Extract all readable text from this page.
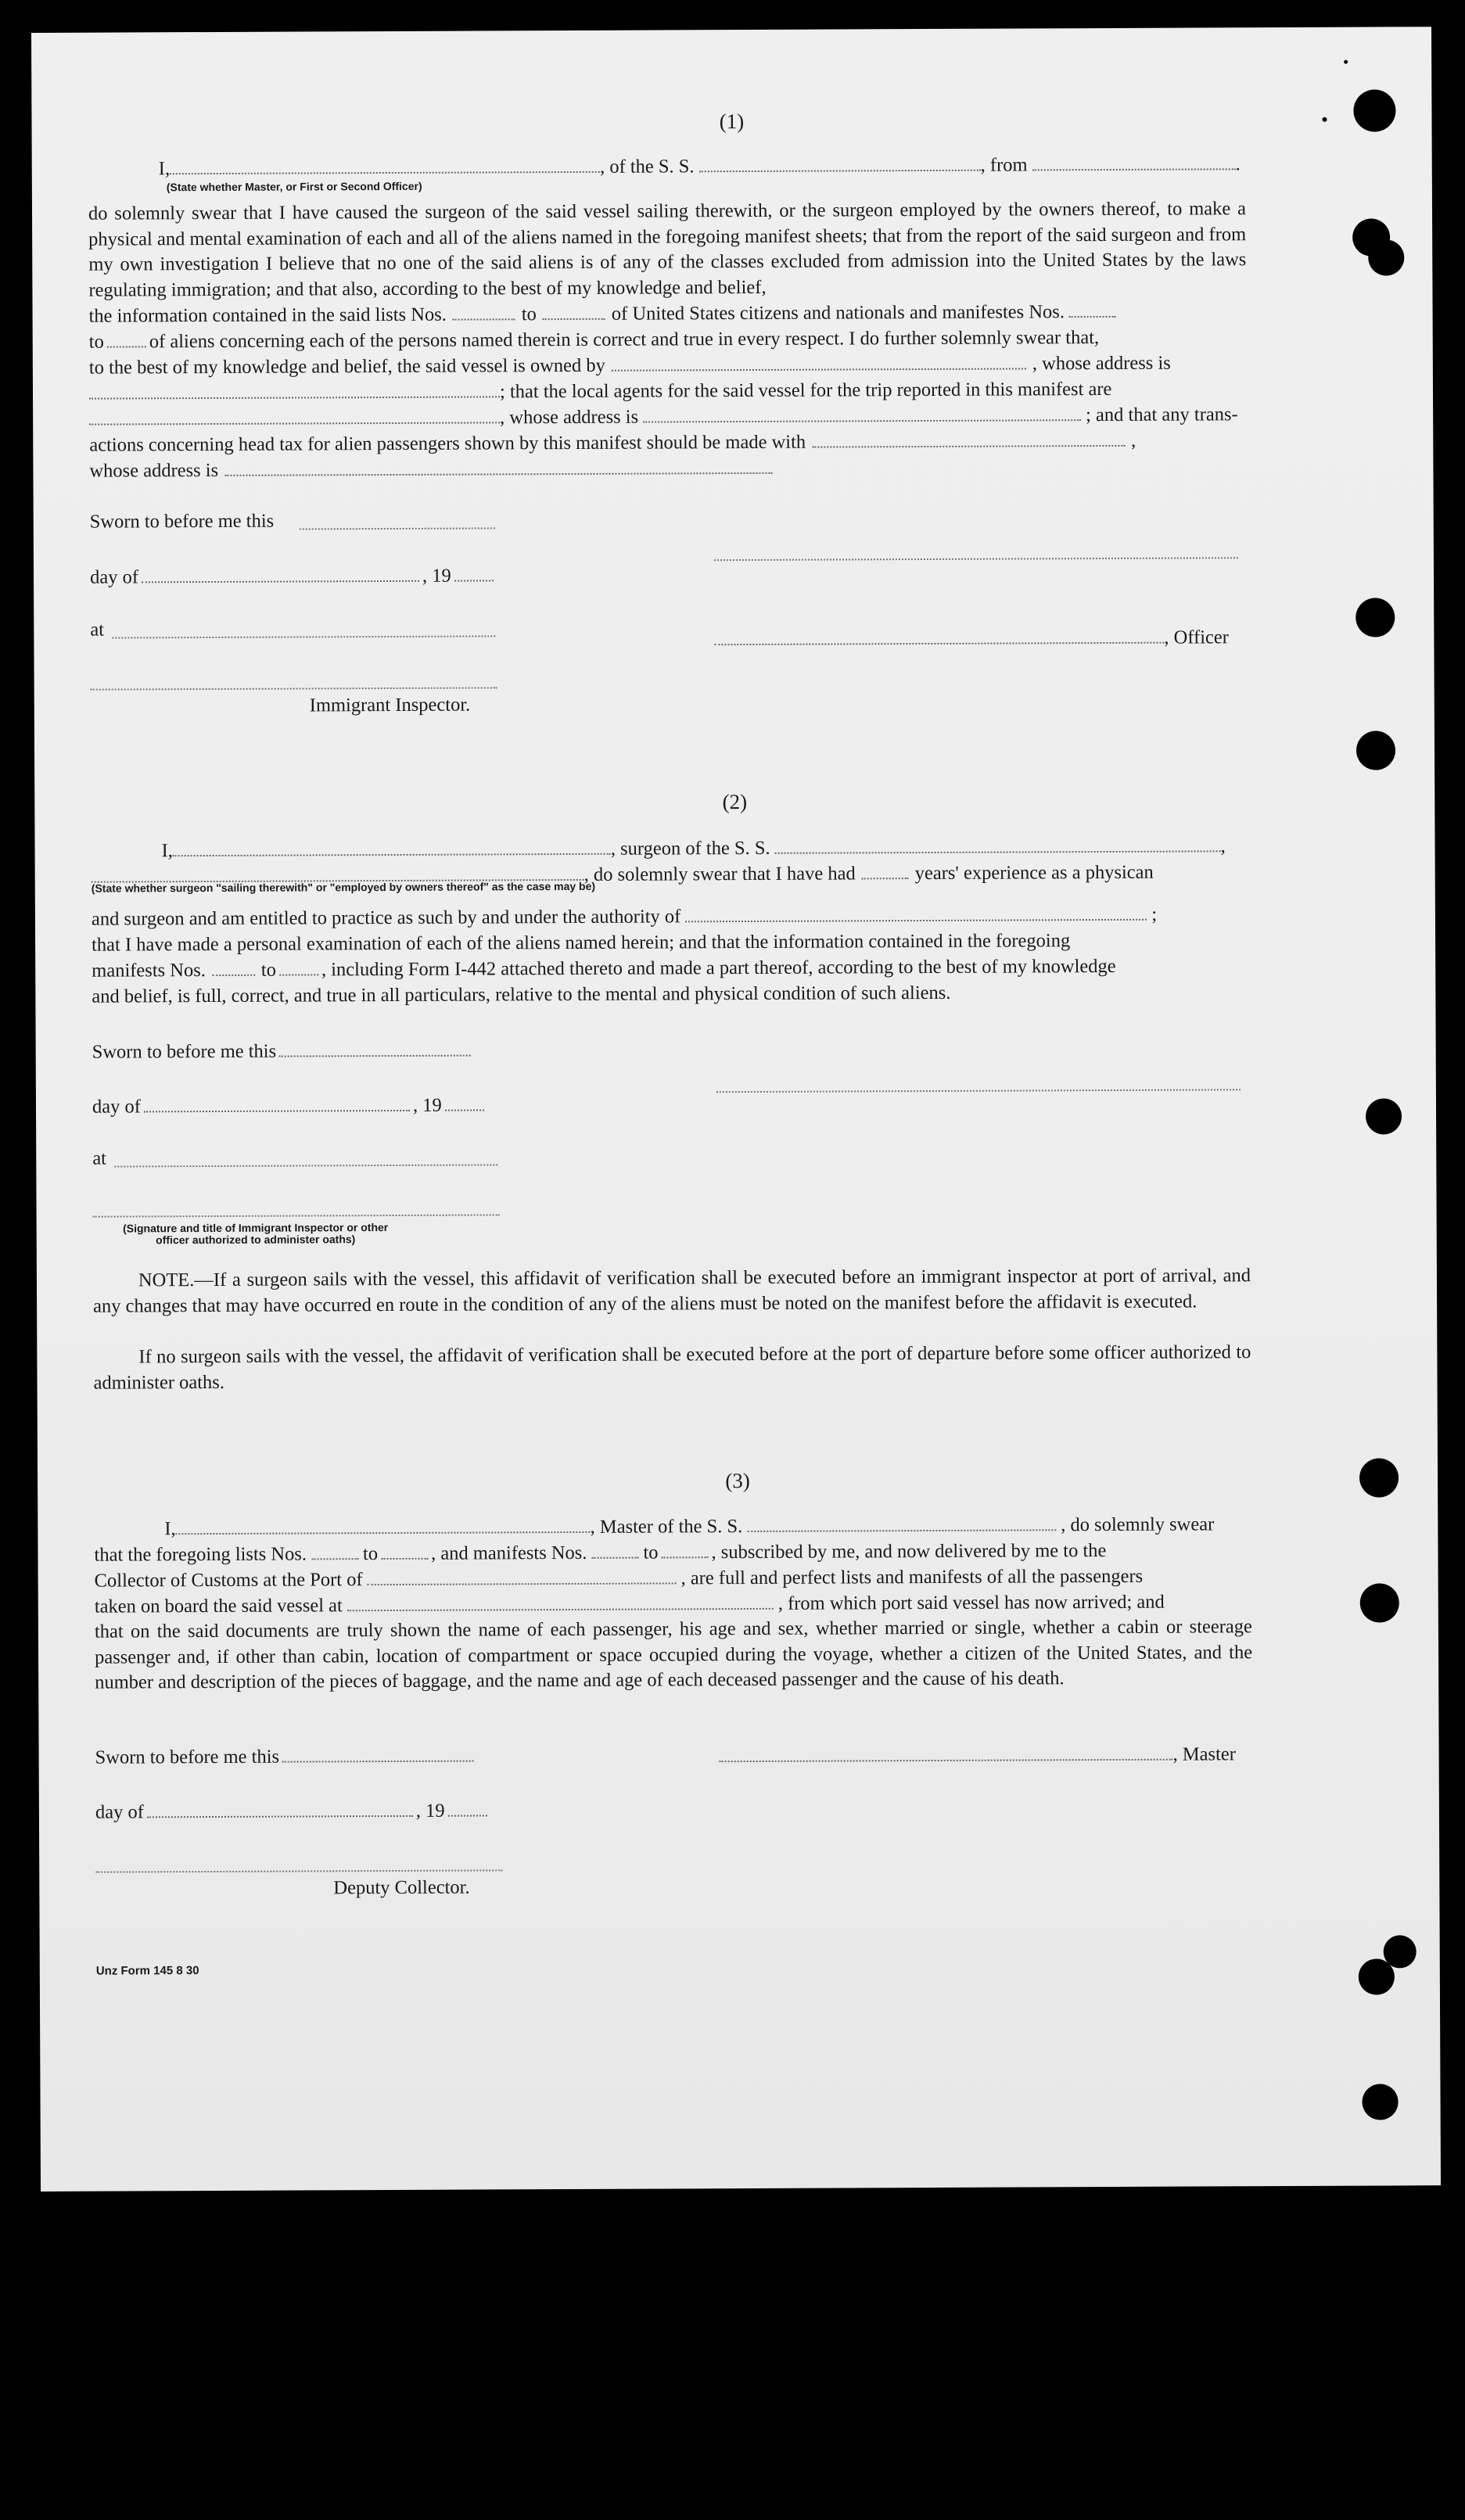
(1)
I,	, of the S. S.	, from	.
(State whether Master, or First or Second Officer)
do solemnly swear that I have caused the surgeon of the said vessel sailing therewith, or the surgeon employed by the owners thereof, to make a physical and mental examination of each and all of the aliens named in the foregoing manifest sheets; that from the report of the said surgeon and from my own investigation I believe that no one of the said aliens is of any of the classes excluded from admission into the United States by the laws regulating immigration; and that also, according to the best of my knowledge and belief,
the information contained in the said lists Nos.	to	of United States citizens and nationals and manifestes Nos.
to of aliens concerning each of the persons named therein is correct and true in every respect. I do further solemnly swear that,
to the best of my knowledge and belief, the said vessel is owned by	, whose address is
; that the local agents for the said vessel for the trip reported in this manifest are
, whose address is	; and that any trans-
actions concerning head tax for alien passengers shown by this manifest should be made with	,
whose address is
Sworn to before me this
day of	, 19
at	, Officer
Immigrant Inspector.
(2)
I,	, surgeon of the S. S.	,
, do solemnly swear that I have had	years' experience as a physican
(State whether surgeon "sailing therewith" or "employed by owners thereof" as the case may be)
and surgeon and am entitled to practice as such by and under the authority of	;
that I have made a personal examination of each of the aliens named herein; and that the information contained in the foregoing
manifests Nos.	to , including Form I-442 attached thereto and made a part thereof, according to the best of my knowledge
and belief, is full, correct, and true in all particulars, relative to the mental and physical condition of such aliens.
Sworn to before me this
day of	, 19
at
(Signature and title of Immigrant Inspector or other
officer authorized to administer oaths)
NOTE.—If a surgeon sails with the vessel, this affidavit of verification shall be executed before an immigrant inspector at port of arrival, and any changes that may have occurred en route in the condition of any of the aliens must be noted on the manifest before the affidavit is executed.
If no surgeon sails with the vessel, the affidavit of verification shall be executed before at the port of departure before some officer authorized to administer oaths.
(3)
I,	, Master of the S. S.	, do solemnly swear
that the foregoing lists Nos.	to	, and manifests Nos.	to	, subscribed by me, and now delivered by me to the
Collector of Customs at the Port of	, are full and perfect lists and manifests of all the passengers
taken on board the said vessel at	, from which port said vessel has now arrived; and
that on the said documents are truly shown the name of each passenger, his age and sex, whether married or single, whether a cabin or steerage passenger and, if other than cabin, location of compartment or space occupied during the voyage, whether a citizen of the United States, and the number and description of the pieces of baggage, and the name and age of each deceased passenger and the cause of his death.
Sworn to before me this	, Master
day of	, 19
Deputy Collector.
Unz Form 145 8 30
